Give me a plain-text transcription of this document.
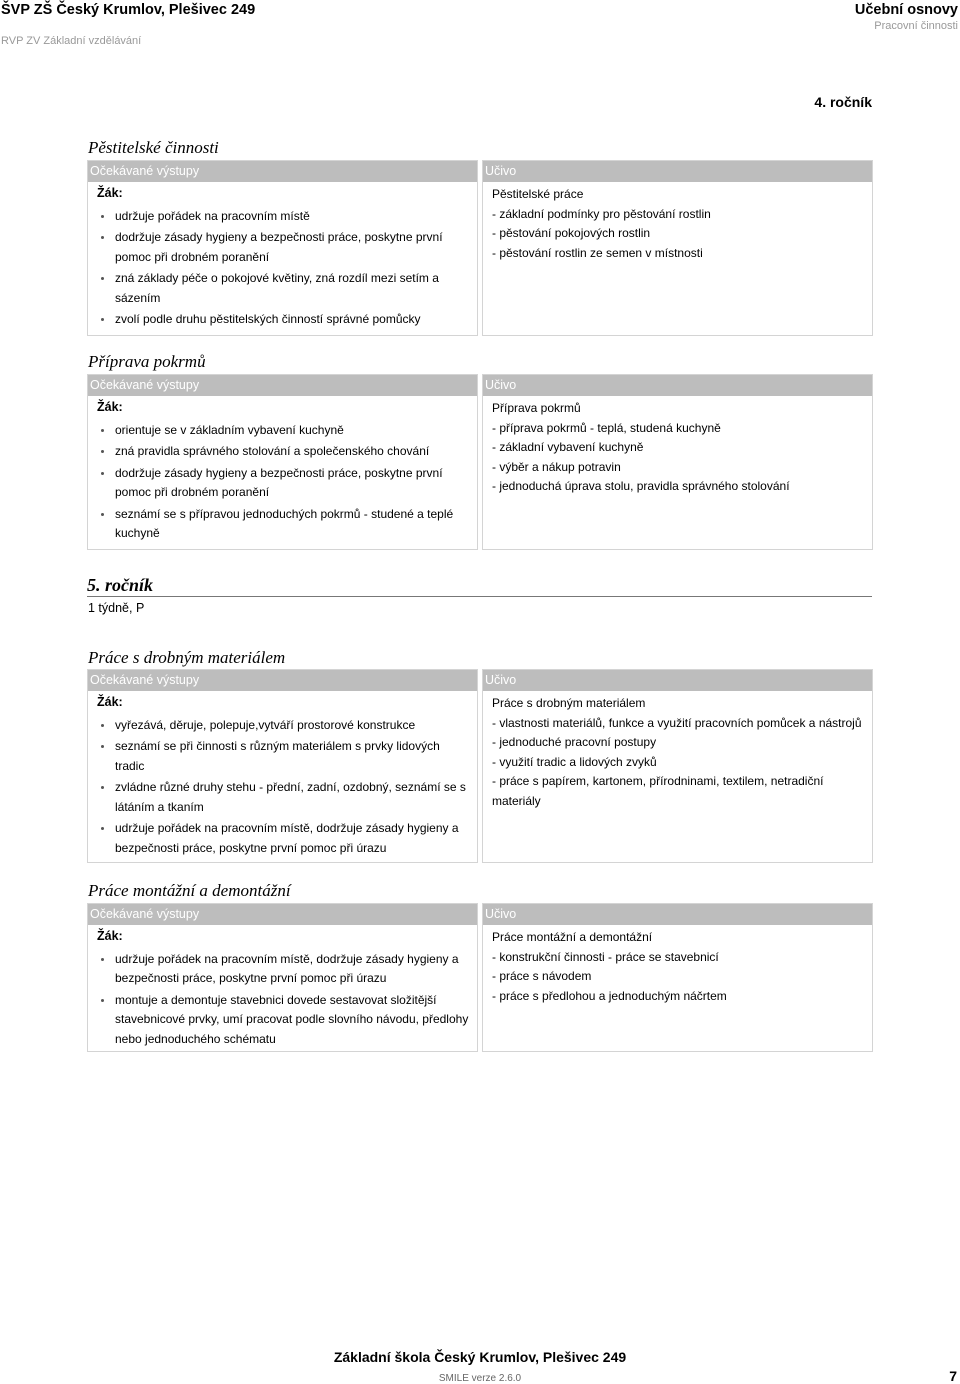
ŠVP ZŠ Český Krumlov, Plešivec 249
RVP ZV Základní vzdělávání
Učební osnovy
Pracovní činnosti
4. ročník
Pěstitelské činnosti
Očekávané výstupy
Žák:
udržuje pořádek na pracovním místě
dodržuje zásady hygieny a bezpečnosti práce, poskytne první pomoc při drobném poranění
zná základy péče o pokojové květiny, zná rozdíl mezi setím a sázením
zvolí podle druhu pěstitelských činností správné pomůcky
Učivo
Pěstitelské práce
- základní podmínky pro pěstování rostlin
- pěstování pokojových rostlin
- pěstování rostlin ze semen v místnosti
Příprava pokrmů
Očekávané výstupy
Žák:
orientuje se v základním vybavení kuchyně
zná pravidla správného stolování a společenského chování
dodržuje zásady hygieny a bezpečnosti práce, poskytne první pomoc při drobném poranění
seznámí se s přípravou jednoduchých pokrmů - studené a teplé kuchyně
Učivo
Příprava pokrmů
- příprava pokrmů - teplá, studená kuchyně
- základní vybavení kuchyně
- výběr a nákup potravin
- jednoduchá úprava stolu, pravidla správného stolování
5. ročník
1 týdně, P
Práce s drobným materiálem
Očekávané výstupy
Žák:
vyřezává, děruje, polepuje,vytváří prostorové konstrukce
seznámí se při činnosti s různým materiálem s prvky lidových tradic
zvládne různé druhy stehu - přední, zadní, ozdobný, seznámí se s látáním a tkaním
udržuje pořádek na pracovním místě, dodržuje zásady hygieny a bezpečnosti práce, poskytne první pomoc při úrazu
Učivo
Práce s drobným materiálem
- vlastnosti materiálů, funkce a využití pracovních pomůcek a nástrojů
- jednoduché pracovní postupy
- využití tradic a lidových zvyků
- práce s papírem, kartonem, přírodninami, textilem, netradiční materiály
Práce montážní a demontážní
Očekávané výstupy
Žák:
udržuje pořádek na pracovním místě, dodržuje zásady hygieny a bezpečnosti práce, poskytne první pomoc při úrazu
montuje a demontuje stavebnici dovede sestavovat složitější stavebnicové prvky, umí pracovat podle slovního návodu, předlohy nebo jednoduchého schématu
Učivo
Práce montážní a demontážní
- konstrukční činnosti - práce se stavebnicí
- práce s návodem
- práce s předlohou a jednoduchým náčrtem
Základní škola Český Krumlov, Plešivec 249
SMILE verze 2.6.0	7
